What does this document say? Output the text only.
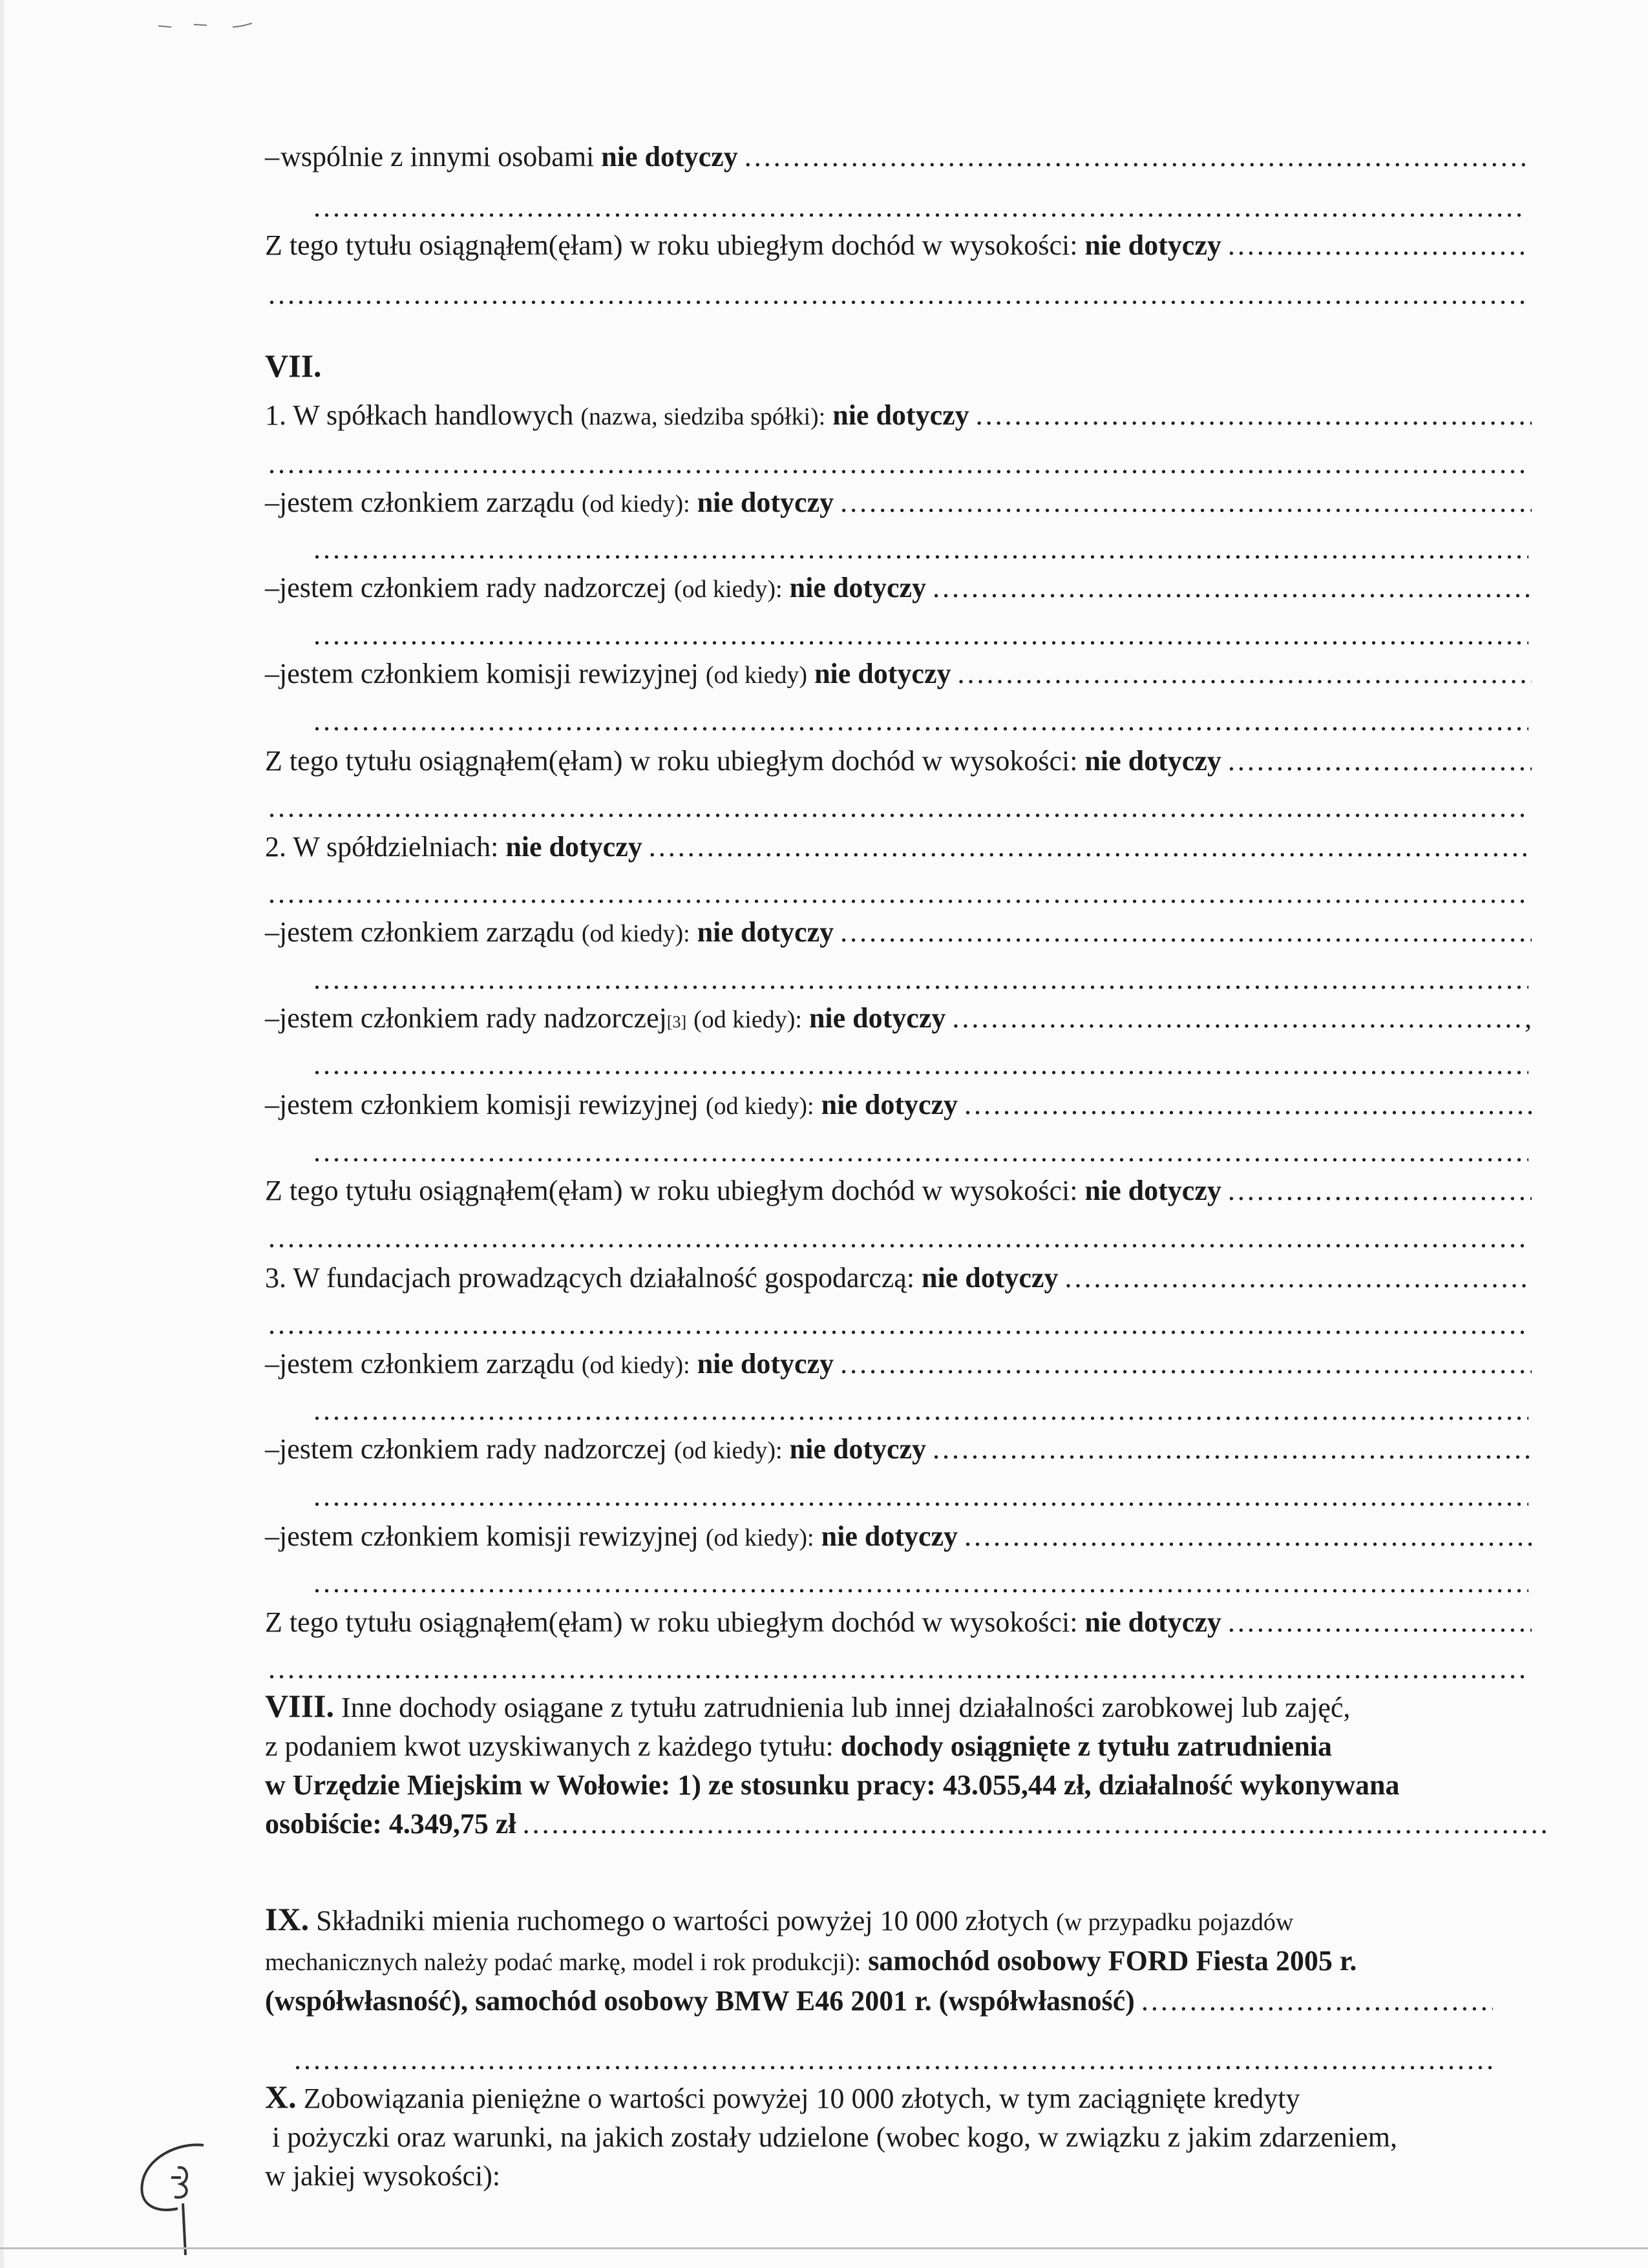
– wspólnie z innymi osobami
nie dotyczy
.....
.....
Z tego tytułu osiągnąłem(ęłam) w roku ubiegłym dochód w wysokości:
nie dotyczy
.....
.....
VII.
1. W spółkach handlowych
(nazwa, siedziba spółki):
nie dotyczy
.....
.....
– jestem członkiem zarządu
(od kiedy):
nie dotyczy
.....
.....
– jestem członkiem rady nadzorczej
(od kiedy):
nie dotyczy
.....
.....
– jestem członkiem komisji rewizyjnej
(od kiedy)
nie dotyczy
.....
.....
Z tego tytułu osiągnąłem(ęłam) w roku ubiegłym dochód w wysokości:
nie dotyczy
.....
.....
2. W spółdzielniach:
nie dotyczy
.....
.....
– jestem członkiem zarządu
(od kiedy):
nie dotyczy
.....
.....
– jestem członkiem rady nadzorczej [3]
(od kiedy):
nie dotyczy
.....	,
.....
– jestem członkiem komisji rewizyjnej
(od kiedy):
nie dotyczy
.....
.....
Z tego tytułu osiągnąłem(ęłam) w roku ubiegłym dochód w wysokości:
nie dotyczy
.....
.....
3. W fundacjach prowadzących działalność gospodarczą:
nie dotyczy
.....
.....
– jestem członkiem zarządu
(od kiedy):
nie dotyczy
.....
.....
– jestem członkiem rady nadzorczej
(od kiedy):
nie dotyczy
.....
.....
– jestem członkiem komisji rewizyjnej
(od kiedy):
nie dotyczy
.....
.....
Z tego tytułu osiągnąłem(ęłam) w roku ubiegłym dochód w wysokości:
nie dotyczy
.....
.....
VIII.
Inne dochody osiągane z tytułu zatrudnienia lub innej działalności zarobkowej lub zajęć,
z podaniem kwot uzyskiwanych z każdego tytułu:
dochody osiągnięte z tytułu zatrudnienia
w Urzędzie Miejskim w Wołowie: 1) ze stosunku pracy: 43.055,44 zł, działalność wykonywana
osobiście: 4.349,75 zł
.....
IX.
Składniki mienia ruchomego o wartości powyżej 10 000 złotych
(w przypadku pojazdów
mechanicznych należy podać markę, model i rok produkcji):
samochód osobowy FORD Fiesta 2005 r.
(współwłasność), samochód osobowy BMW E46 2001 r. (współwłasność)
.....
.....
X.
Zobowiązania pieniężne o wartości powyżej 10 000 złotych, w tym zaciągnięte kredyty

i pożyczki oraz warunki, na jakich zostały udzielone (wobec kogo, w związku z jakim zdarzeniem,
w jakiej wysokości):
